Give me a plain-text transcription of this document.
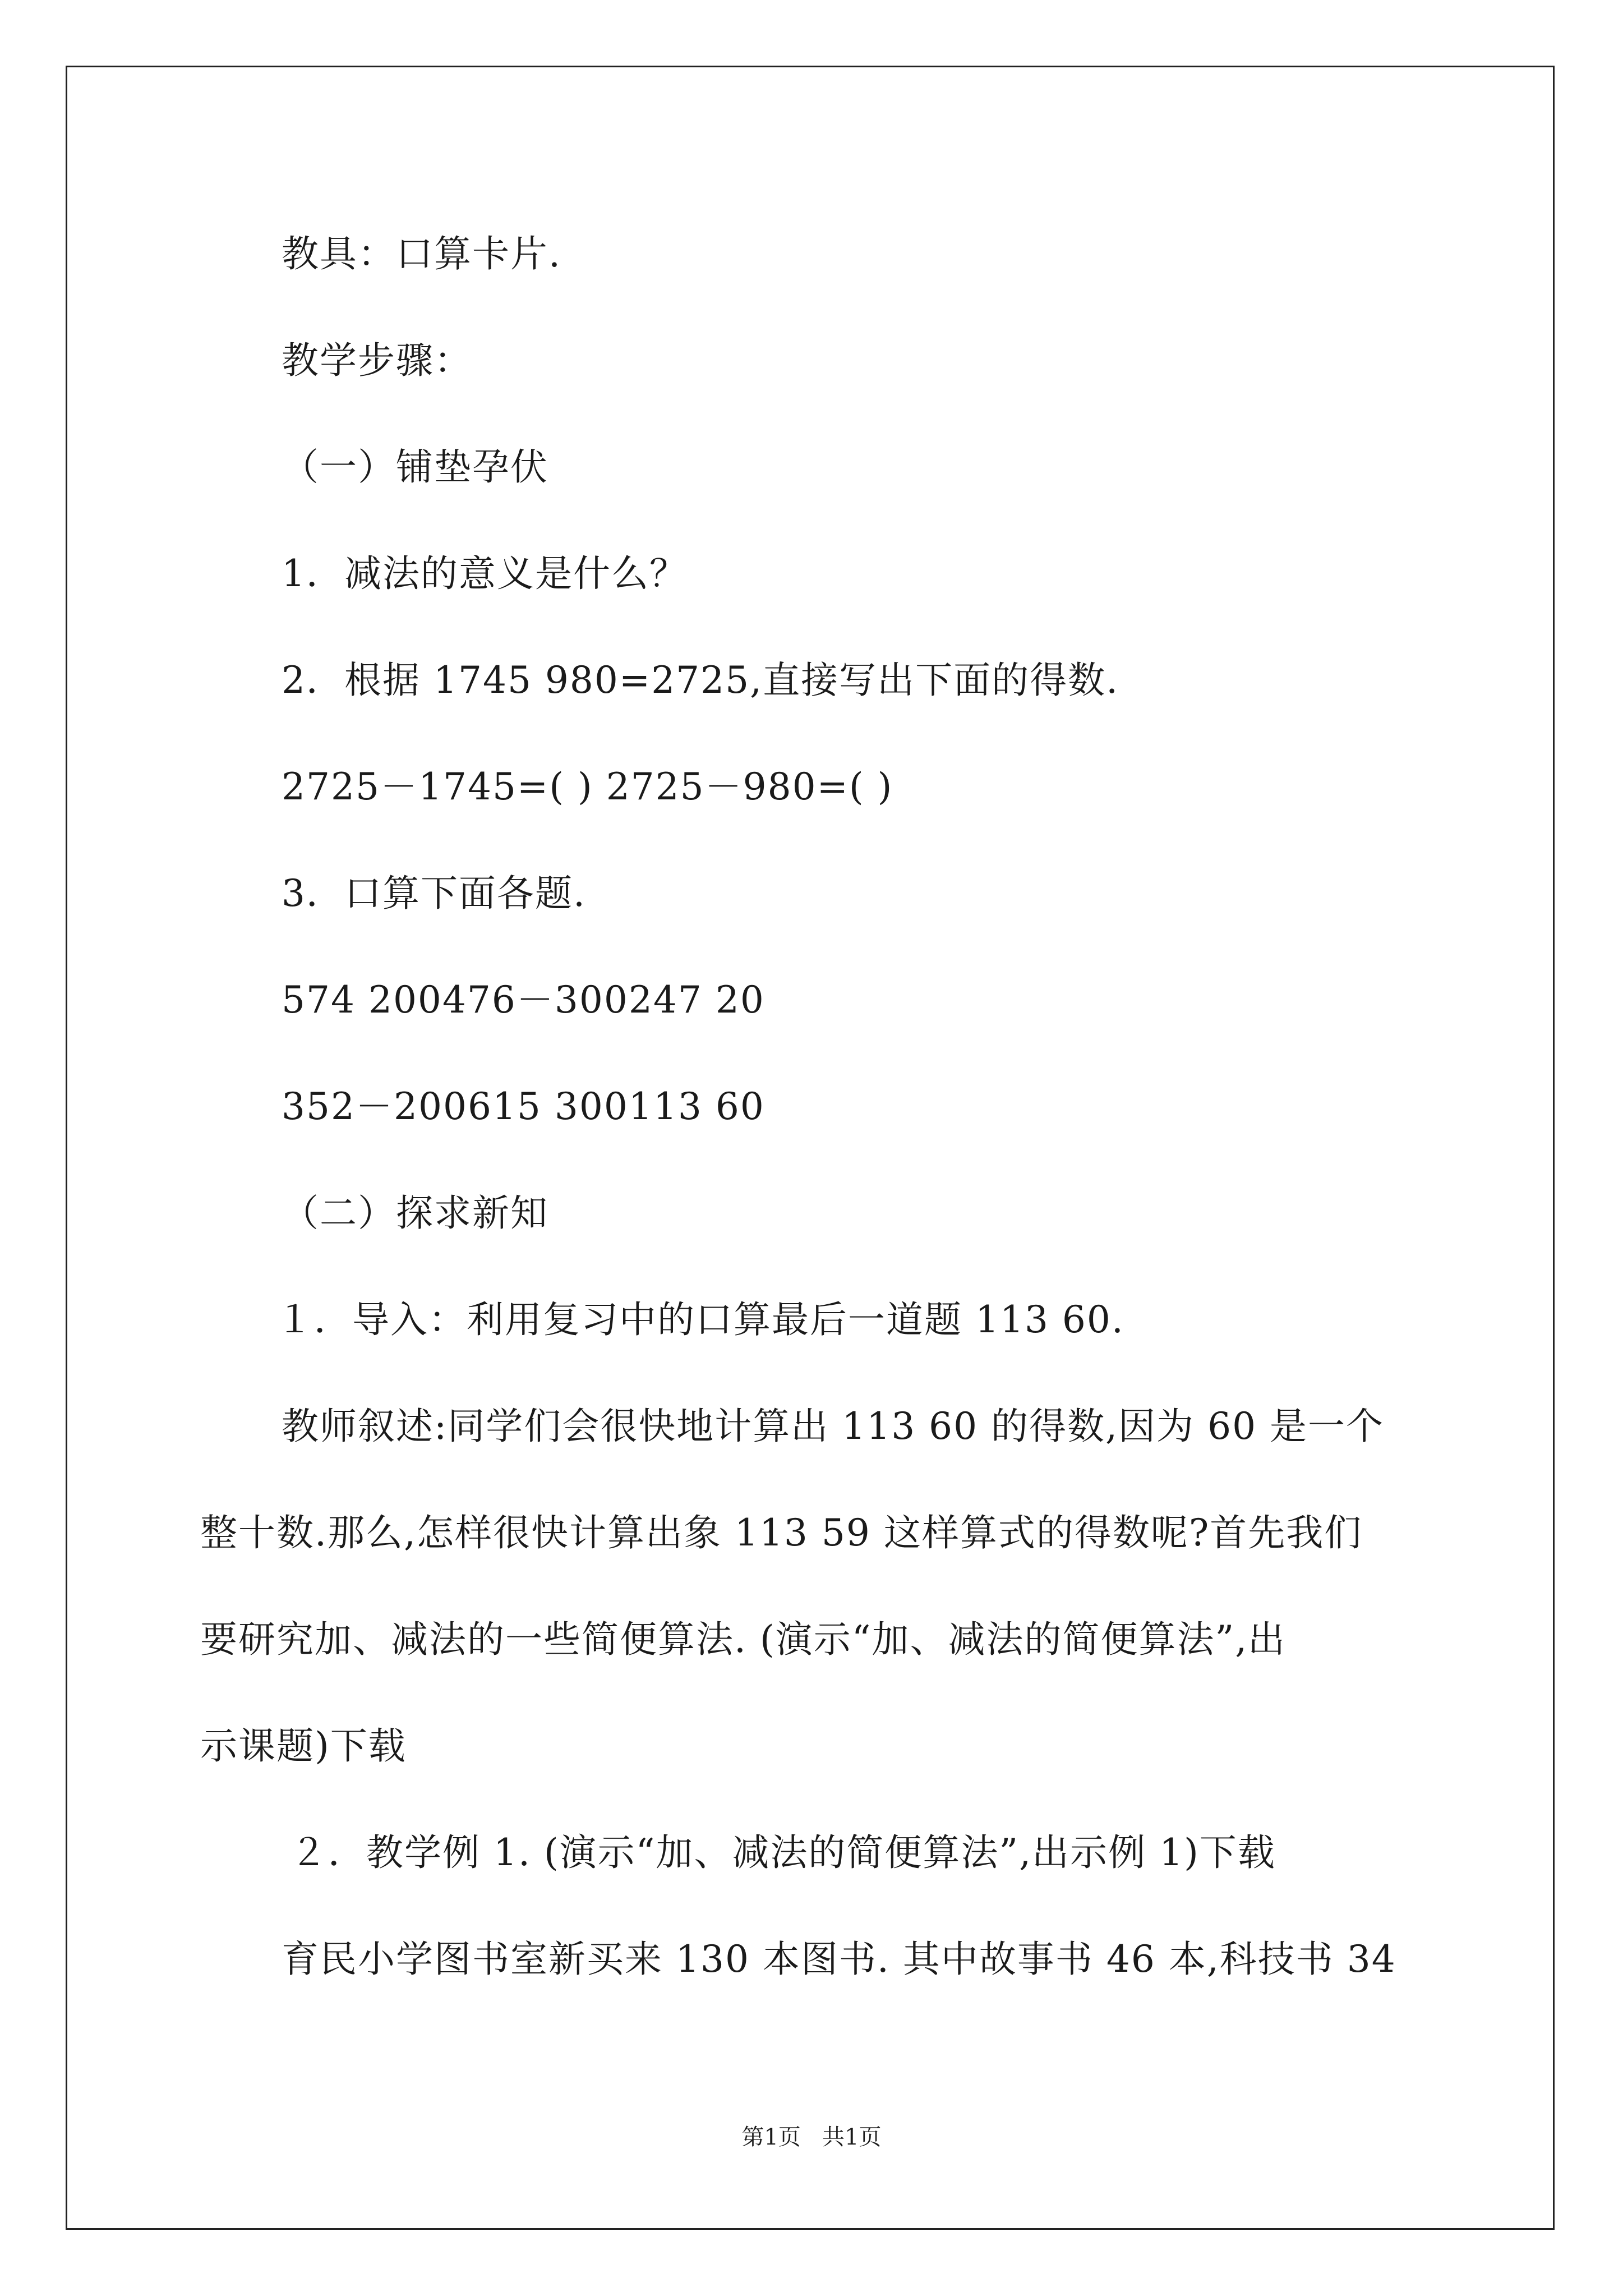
教具：口算卡片.
教学步骤：
（一）铺垫孕伏
1．减法的意义是什么？
2．根据 1745 980=2725,直接写出下面的得数.
2725－1745=( ) 2725－980=( )
3．口算下面各题.
574 200476－300247 20
352－200615 300113 60
（二）探求新知
１．导入：利用复习中的口算最后一道题 113 60.
教师叙述:同学们会很快地计算出 113 60 的得数,因为 60 是一个
整十数.那么,怎样很快计算出象 113 59 这样算式的得数呢?首先我们
要研究加、减法的一些简便算法. (演示“加、减法的简便算法”,出
示课题)下载
２．教学例 1. (演示“加、减法的简便算法”,出示例 1)下载
育民小学图书室新买来 130 本图书. 其中故事书 46 本,科技书 34
第1页   共1页
